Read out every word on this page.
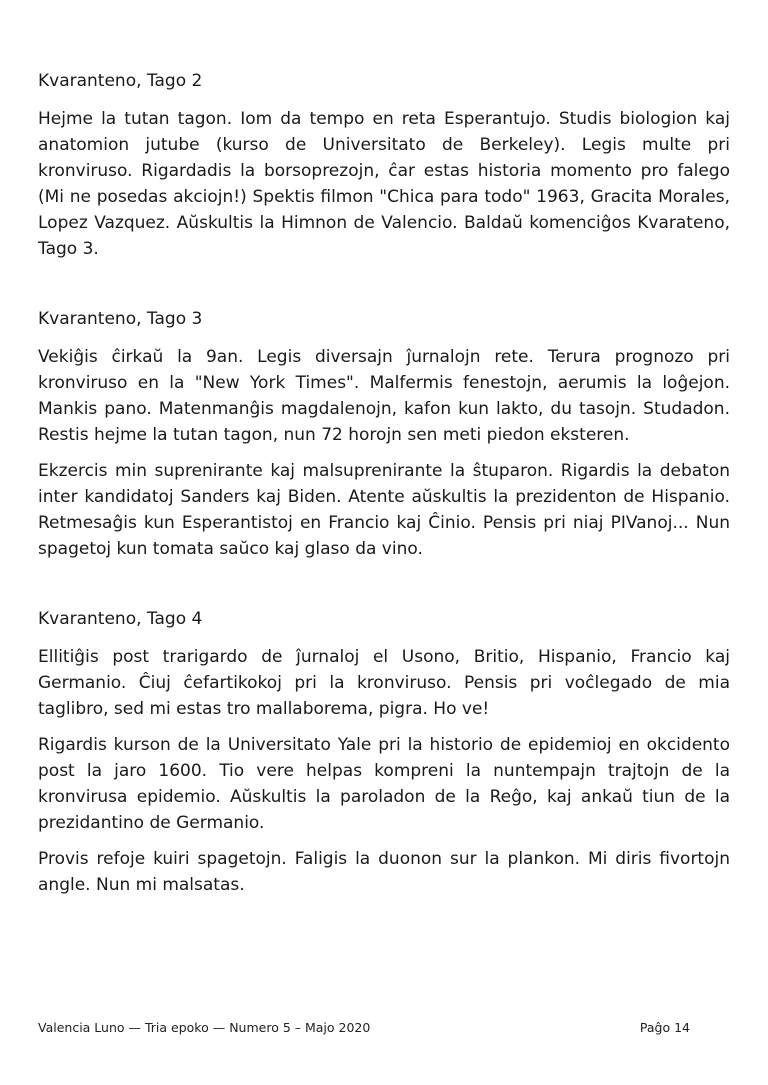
Kvaranteno, Tago 2

Hejme la tutan tagon. Iom da tempo en reta Esperantujo. Studis biologion kaj anatomion jutube (kurso de Universitato de Berkeley). Legis multe pri kronviruso. Rigardadis la borsoprezojn, ĉar estas historia momento pro falego (Mi ne posedas akciojn!) Spektis filmon "Chica para todo" 1963, Gracita Morales, Lopez Vazquez. Aŭskultis la Himnon de Valencio. Baldaŭ komenciĝos Kvarateno, Tago 3.

Kvaranteno, Tago 3

Vekiĝis ĉirkaŭ la 9an. Legis diversajn ĵurnalojn rete. Terura prognozo pri kronviruso en la "New York Times". Malfermis fenestojn, aerumis la loĝejon. Mankis pano. Matenmanĝis magdalenojn, kafon kun lakto, du tasojn. Studadon. Restis hejme la tutan tagon, nun 72 horojn sen meti piedon eksteren.

Ekzercis min suprenirante kaj malsuprenirante la ŝtuparon. Rigardis la debaton inter kandidatoj Sanders kaj Biden. Atente aŭskultis la prezidenton de Hispanio. Retmesaĝis kun Esperantistoj en Francio kaj Ĉinio. Pensis pri niaj PIVanoj... Nun spagetoj kun tomata saŭco kaj glaso da vino.

Kvaranteno, Tago 4

Ellitiĝis post trarigardo de ĵurnaloj el Usono, Britio, Hispanio, Francio kaj Germanio. Ĉiuj ĉefartikokoj pri la kronviruso. Pensis pri voĉlegado de mia taglibro, sed mi estas tro mallaborema, pigra. Ho ve!

Rigardis kurson de la Universitato Yale pri la historio de epidemioj en okcidento post la jaro 1600. Tio vere helpas kompreni la nuntempajn trajtojn de la kronvirusa epidemio. Aŭskultis la paroladon de la Reĝo, kaj ankaŭ tiun de la prezidantino de Germanio.

Provis refoje kuiri spagetojn. Faligis la duonon sur la plankon. Mi diris fivortojn angle. Nun mi malsatas.

Valencia Luno — Tria epoko — Numero 5 – Majo 2020	Paĝo 14
